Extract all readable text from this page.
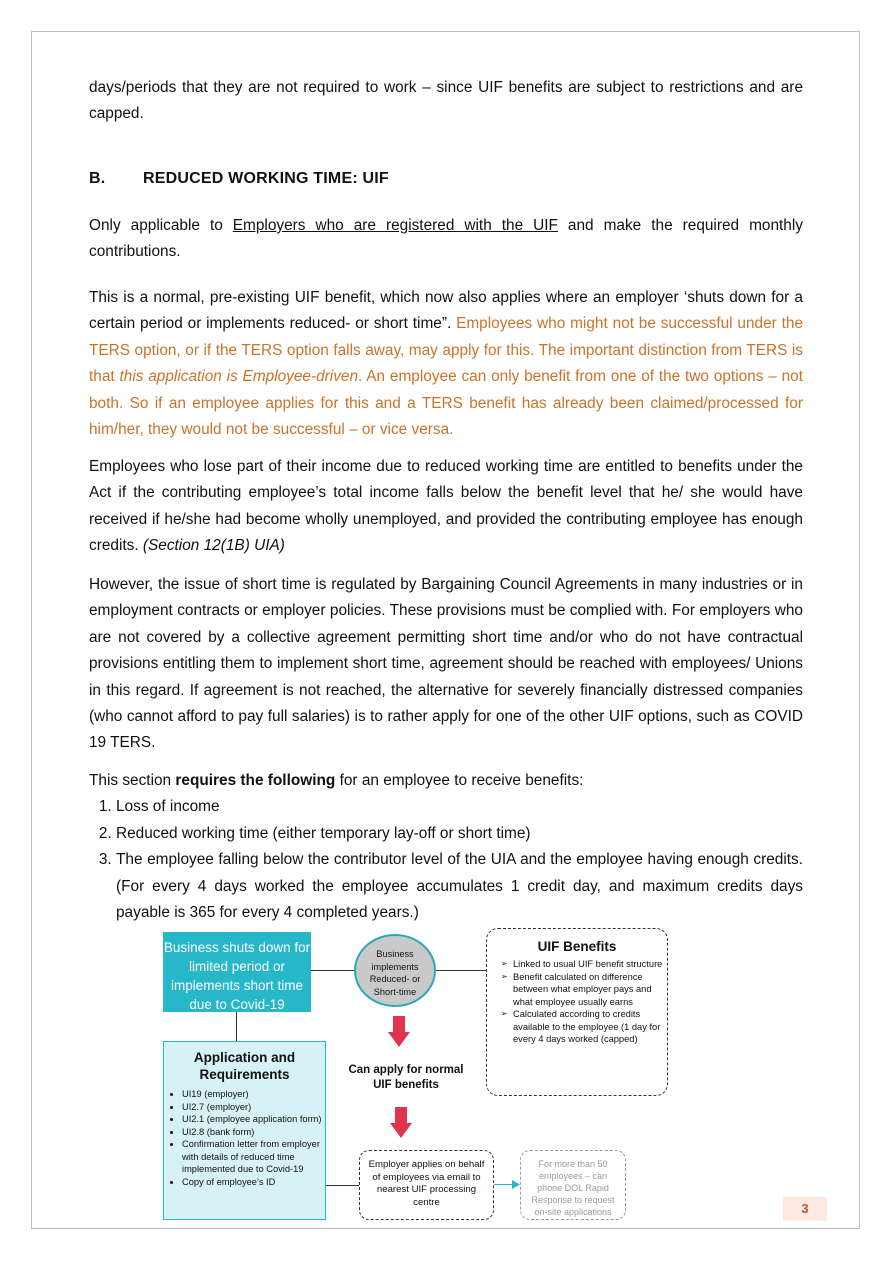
days/periods that they are not required to work – since UIF benefits are subject to restrictions and are capped.

B. REDUCED WORKING TIME: UIF

Only applicable to Employers who are registered with the UIF and make the required monthly contributions.

This is a normal, pre-existing UIF benefit, which now also applies where an employer ‘shuts down for a certain period or implements reduced- or short time”. Employees who might not be successful under the TERS option, or if the TERS option falls away, may apply for this. The important distinction from TERS is that this application is Employee-driven. An employee can only benefit from one of the two options – not both. So if an employee applies for this and a TERS benefit has already been claimed/processed for him/her, they would not be successful – or vice versa.

Employees who lose part of their income due to reduced working time are entitled to benefits under the Act if the contributing employee’s total income falls below the benefit level that he/ she would have received if he/she had become wholly unemployed, and provided the contributing employee has enough credits. (Section 12(1B) UIA)

However, the issue of short time is regulated by Bargaining Council Agreements in many industries or in employment contracts or employer policies. These provisions must be complied with. For employers who are not covered by a collective agreement permitting short time and/or who do not have contractual provisions entitling them to implement short time, agreement should be reached with employees/ Unions in this regard. If agreement is not reached, the alternative for severely financially distressed companies (who cannot afford to pay full salaries) is to rather apply for one of the other UIF options, such as COVID 19 TERS.

This section requires the following for an employee to receive benefits:

1. Loss of income
2. Reduced working time (either temporary lay-off or short time)
3. The employee falling below the contributor level of the UIA and the employee having enough credits. (For every 4 days worked the employee accumulates 1 credit day, and maximum credits days payable is 365 for every 4 completed years.)
Business shuts down for limited period or implements short time due to Covid-19
Business implements Reduced- or Short-time
UIF Benefits
➢ Linked to usual UIF benefit structure
➢ Benefit calculated on difference between what employer pays and what employee usually earns
➢ Calculated according to credits available to the employee (1 day for every 4 days worked (capped)
Can apply for normal UIF benefits
Application and Requirements
• UI19 (employer)
• UI2.7 (employer)
• UI2.1 (employee application form)
• UI2.8 (bank form)
• Confirmation letter from employer with details of reduced time implemented due to Covid-19
• Copy of employee’s ID
Employer applies on behalf of employees via email to nearest UIF processing centre
For more than 50 employees – can phone DOL Rapid Response to request on-site applications	3
